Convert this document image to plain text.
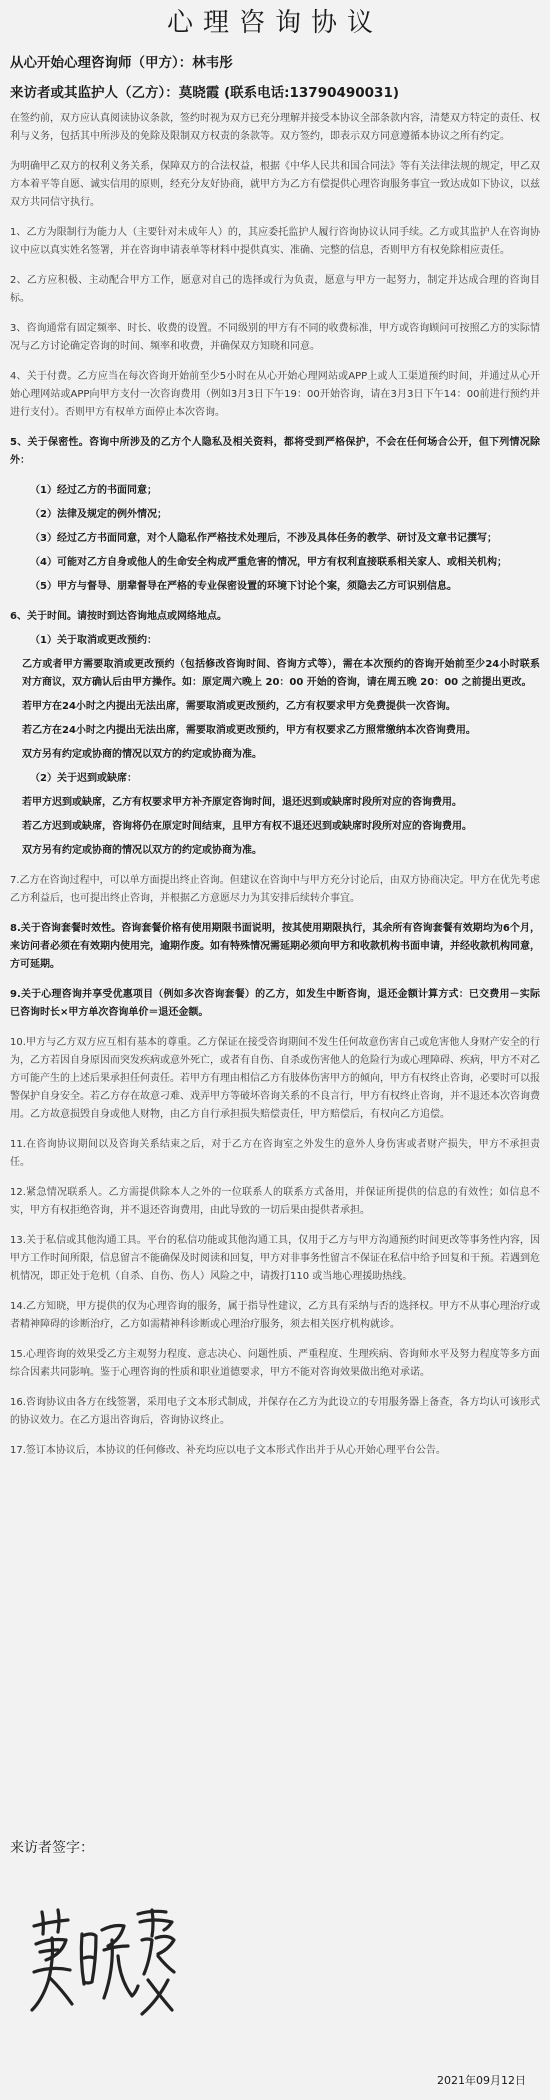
心理咨询协议
从心开始心理咨询师（甲方）：林韦彤
来访者或其监护人（乙方）：莫晓霞 (联系电话:13790490031)

在签约前，双方应认真阅读协议条款，签约时视为双方已充分理解并接受本协议全部条款内容，清楚双方特定的责任、权利与义务，包括其中所涉及的免除及限制双方权责的条款等。双方签约，即表示双方同意遵循本协议之所有约定。

为明确甲乙双方的权利义务关系，保障双方的合法权益，根据《中华人民共和国合同法》等有关法律法规的规定，甲乙双方本着平等自愿、诚实信用的原则，经充分友好协商，就甲方为乙方有偿提供心理咨询服务事宜一致达成如下协议，以兹双方共同信守执行。

1、乙方为限制行为能力人（主要针对未成年人）的，其应委托监护人履行咨询协议认同手续。乙方或其监护人在咨询协议中应以真实姓名签署，并在咨询申请表单等材料中提供真实、准确、完整的信息，否则甲方有权免除相应责任。

2、乙方应积极、主动配合甲方工作，愿意对自己的选择或行为负责，愿意与甲方一起努力，制定并达成合理的咨询目标。

3、咨询通常有固定频率、时长、收费的设置。不同级别的甲方有不同的收费标准，甲方或咨询顾问可按照乙方的实际情况与乙方讨论确定咨询的时间、频率和收费，并确保双方知晓和同意。

4、关于付费。乙方应当在每次咨询开始前至少5小时在从心开始心理网站或APP上或人工渠道预约时间，并通过从心开始心理网站或APP向甲方支付一次咨询费用（例如3月3日下午19：00开始咨询，请在3月3日下午14：00前进行预约并进行支付）。否则甲方有权单方面停止本次咨询。

5、关于保密性。咨询中所涉及的乙方个人隐私及相关资料，都将受到严格保护，不会在任何场合公开，但下列情况除外：

（1）经过乙方的书面同意；

（2）法律及规定的例外情况；

（3）经过乙方书面同意，对个人隐私作严格技术处理后，不涉及具体任务的教学、研讨及文章书记撰写；

（4）可能对乙方自身或他人的生命安全构成严重危害的情况，甲方有权利直接联系相关家人、或相关机构；

（5）甲方与督导、朋辈督导在严格的专业保密设置的环境下讨论个案，须隐去乙方可识别信息。

6、关于时间。请按时到达咨询地点或网络地点。

（1）关于取消或更改预约：

乙方或者甲方需要取消或更改预约（包括修改咨询时间、咨询方式等），需在本次预约的咨询开始前至少24小时联系对方商议，双方确认后由甲方操作。如：原定周六晚上 20：00 开始的咨询，请在周五晚 20：00 之前提出更改。

若甲方在24小时之内提出无法出席，需要取消或更改预约，乙方有权要求甲方免费提供一次咨询。

若乙方在24小时之内提出无法出席，需要取消或更改预约，甲方有权要求乙方照常缴纳本次咨询费用。

双方另有约定或协商的情况以双方的约定或协商为准。

（2）关于迟到或缺席：

若甲方迟到或缺席，乙方有权要求甲方补齐原定咨询时间，退还迟到或缺席时段所对应的咨询费用。

若乙方迟到或缺席，咨询将仍在原定时间结束，且甲方有权不退还迟到或缺席时段所对应的咨询费用。

双方另有约定或协商的情况以双方的约定或协商为准。

7.乙方在咨询过程中，可以单方面提出终止咨询。但建议在咨询中与甲方充分讨论后，由双方协商决定。甲方在优先考虑乙方利益后，也可提出终止咨询，并根据乙方意愿尽力为其安排后续转介事宜。

8.关于咨询套餐时效性。咨询套餐价格有使用期限书面说明，按其使用期限执行，其余所有咨询套餐有效期均为6个月，来访问者必须在有效期内使用完，逾期作废。如有特殊情况需延期必须向甲方和收款机构书面申请，并经收款机构同意，方可延期。

9.关于心理咨询并享受优惠项目（例如多次咨询套餐）的乙方，如发生中断咨询，退还金额计算方式：已交费用－实际已咨询时长×甲方单次咨询单价＝退还金额。

10.甲方与乙方双方应互相有基本的尊重。乙方保证在接受咨询期间不发生任何故意伤害自己或危害他人身财产安全的行为，乙方若因自身原因而突发疾病或意外死亡，或者有自伤、自杀或伤害他人的危险行为或心理障碍、疾病，甲方不对乙方可能产生的上述后果承担任何责任。若甲方有理由相信乙方有肢体伤害甲方的倾向，甲方有权终止咨询，必要时可以报警保护自身安全。若乙方存在故意刁难、戏弄甲方等破坏咨询关系的不良言行，甲方有权终止咨询，并不退还本次咨询费用。乙方故意损毁自身或他人财物，由乙方自行承担损失赔偿责任，甲方赔偿后，有权向乙方追偿。

11.在咨询协议期间以及咨询关系结束之后，对于乙方在咨询室之外发生的意外人身伤害或者财产损失，甲方不承担责任。

12.紧急情况联系人。乙方需提供除本人之外的一位联系人的联系方式备用，并保证所提供的信息的有效性；如信息不实，甲方有权拒绝咨询，并不退还咨询费用，由此导致的一切后果由提供者承担。

13.关于私信或其他沟通工具。平台的私信功能或其他沟通工具，仅用于乙方与甲方沟通预约时间更改等事务性内容，因甲方工作时间所限，信息留言不能确保及时阅读和回复，甲方对非事务性留言不保证在私信中给予回复和干预。若遇到危机情况，即正处于危机（自杀、自伤、伤人）风险之中，请拨打110 或当地心理援助热线。

14.乙方知晓，甲方提供的仅为心理咨询的服务，属于指导性建议，乙方具有采纳与否的选择权。甲方不从事心理治疗或者精神障碍的诊断治疗，乙方如需精神科诊断或心理治疗服务，须去相关医疗机构就诊。

15.心理咨询的效果受乙方主观努力程度、意志决心、问题性质、严重程度、生理疾病、咨询师水平及努力程度等多方面综合因素共同影响。鉴于心理咨询的性质和职业道德要求，甲方不能对咨询效果做出绝对承诺。

16.咨询协议由各方在线签署，采用电子文本形式制成，并保存在乙方为此设立的专用服务器上备查，各方均认可该形式的协议效力。在乙方退出咨询后，咨询协议终止。

17.签订本协议后，本协议的任何修改、补充均应以电子文本形式作出并于从心开始心理平台公告。

来访者签字：
2021年09月12日
